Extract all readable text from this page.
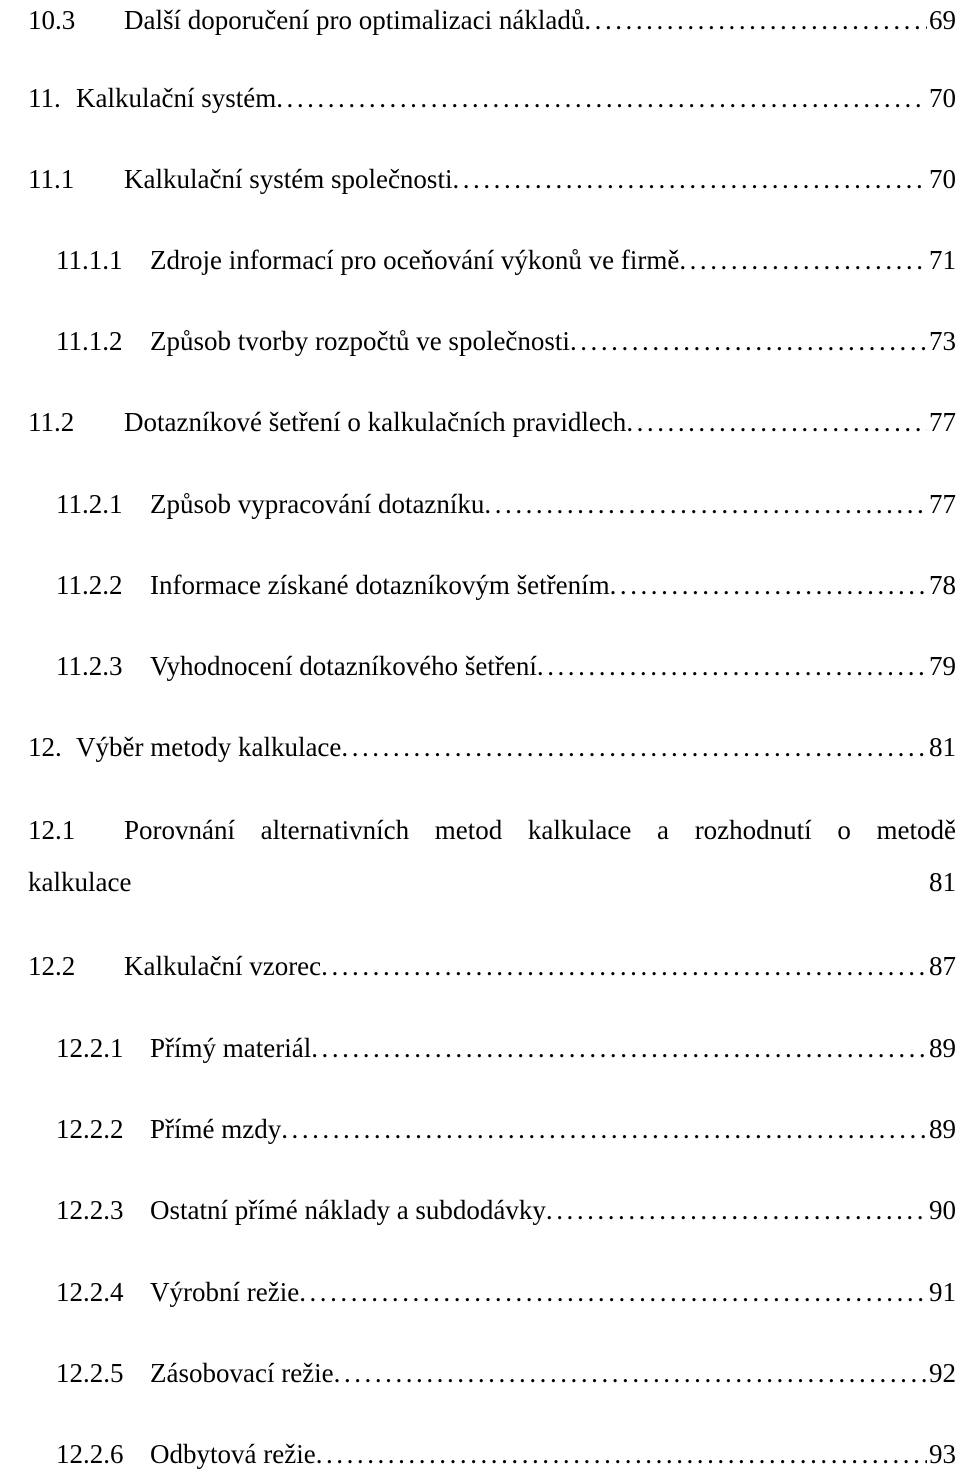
10.3 Další doporučení pro optimalizaci nákladů . . .	69
11. Kalkulační systém . . .	70
11.1 Kalkulační systém společnosti . . .	70
11.1.1 Zdroje informací pro oceňování výkonů ve firmě . . .	71
11.1.2 Způsob tvorby rozpočtů ve společnosti . . .	73
11.2 Dotazníkové šetření o kalkulačních pravidlech . . .	77
11.2.1 Způsob vypracování dotazníku . . .	77
11.2.2 Informace získané dotazníkovým šetřením . . .	78
11.2.3 Vyhodnocení dotazníkového šetření . . .	79
12. Výběr metody kalkulace . . .	81
12.1 Porovnání alternativních metod kalkulace a rozhodnutí o metodě
kalkulace	81
12.2 Kalkulační vzorec . . .	87
12.2.1 Přímý materiál . . .	89
12.2.2 Přímé mzdy . . .	89
12.2.3 Ostatní přímé náklady a subdodávky . . .	90
12.2.4 Výrobní režie . . .	91
12.2.5 Zásobovací režie . . .	92
12.2.6 Odbytová režie . . .	93
